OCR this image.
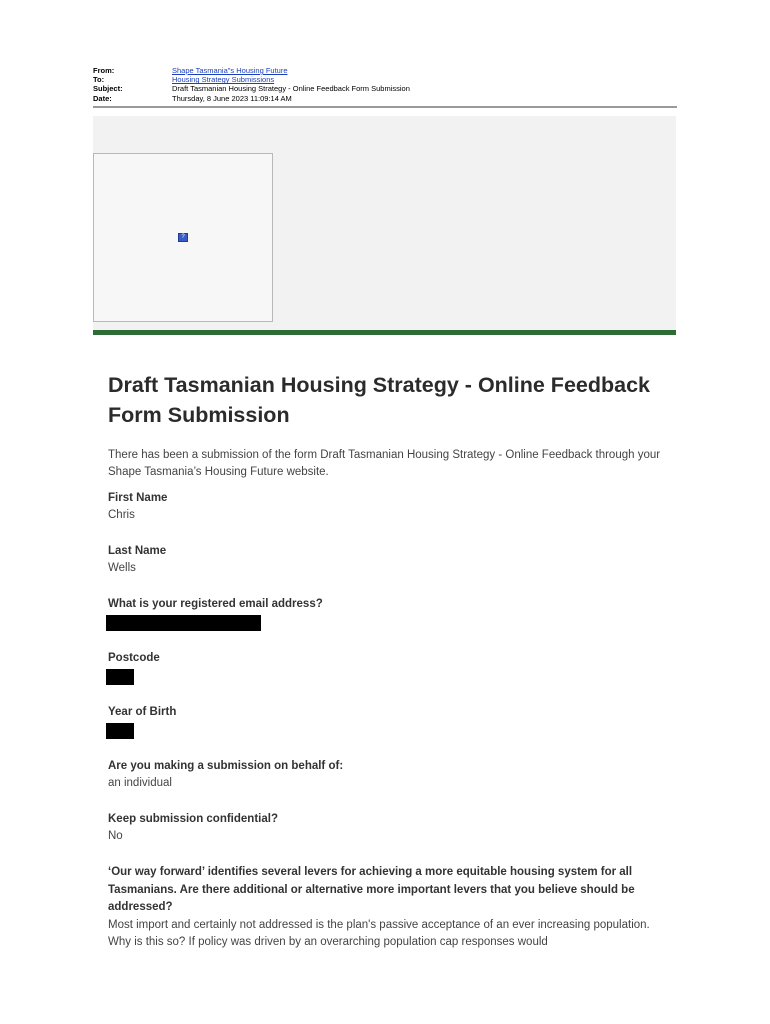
From:	Shape Tasmania"s Housing Future
To:	Housing Strategy Submissions
Subject:	Draft Tasmanian Housing Strategy - Online Feedback Form Submission
Date:	Thursday, 8 June 2023 11:09:14 AM
?
Draft Tasmanian Housing Strategy - Online Feedback Form Submission
There has been a submission of the form Draft Tasmanian Housing Strategy - Online Feedback through your Shape Tasmania’s Housing Future website.
First Name
Chris
Last Name
Wells
What is your registered email address?
Postcode
Year of Birth
Are you making a submission on behalf of:
an individual
Keep submission confidential?
No
‘Our way forward’ identifies several levers for achieving a more equitable housing system for all Tasmanians. Are there additional or alternative more important levers that you believe should be addressed?
Most import and certainly not addressed is the plan's passive acceptance of an ever increasing population. Why is this so? If policy was driven by an overarching population cap responses would
